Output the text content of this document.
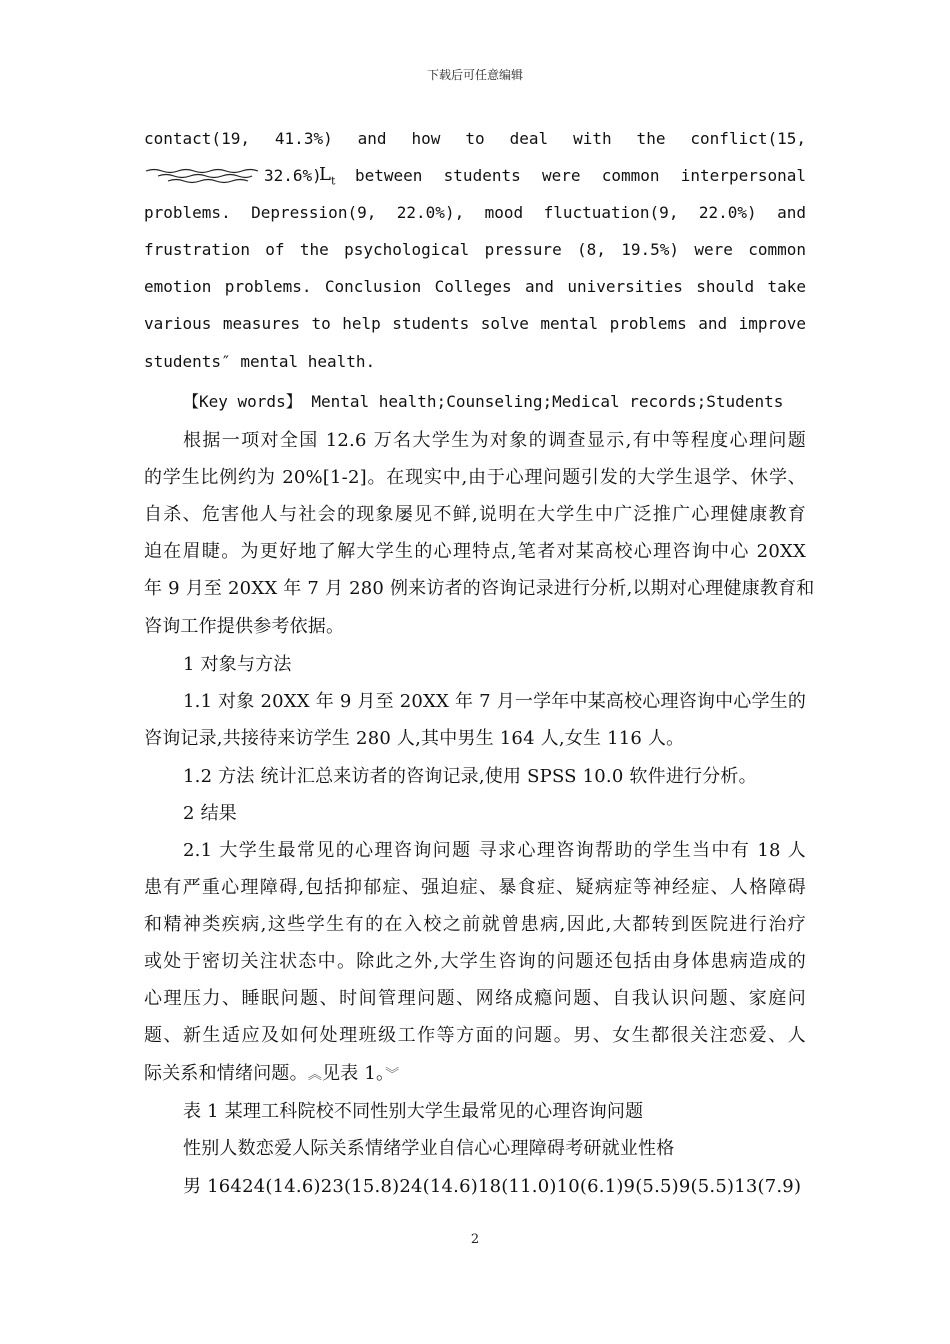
下载后可任意编辑
contact(19, 41.3%) and how to deal with the conflict(15,
32.6%)
$L_t$ between students were common interpersonal
problems. Depression(9, 22.0%), mood fluctuation(9, 22.0%) and
frustration of the psychological pressure (8, 19.5%) were common
emotion problems. Conclusion Colleges and universities should take
various measures to help students solve mental problems and improve
students″ mental health.
【Key words】 Mental health;Counseling;Medical records;Students
根据一项对全国 12.6 万名大学生为对象的调查显示,有中等程度心理问题
的学生比例约为 20%[1-2]。在现实中,由于心理问题引发的大学生退学、休学、
自杀、危害他人与社会的现象屡见不鲜,说明在大学生中广泛推广心理健康教育
迫在眉睫。为更好地了解大学生的心理特点,笔者对某高校心理咨询中心 20XX
年 9 月至 20XX 年 7 月 280 例来访者的咨询记录进行分析,以期对心理健康教育和
咨询工作提供参考依据。
1 对象与方法
1.1 对象 20XX 年 9 月至 20XX 年 7 月一学年中某高校心理咨询中心学生的
咨询记录,共接待来访学生 280 人,其中男生 164 人,女生 116 人。
1.2 方法 统计汇总来访者的咨询记录,使用 SPSS 10.0 软件进行分析。
2 结果
2.1 大学生最常见的心理咨询问题 寻求心理咨询帮助的学生当中有 18 人
患有严重心理障碍,包括抑郁症、强迫症、暴食症、疑病症等神经症、人格障碍
和精神类疾病,这些学生有的在入校之前就曾患病,因此,大都转到医院进行治疗
或处于密切关注状态中。除此之外,大学生咨询的问题还包括由身体患病造成的
心理压力、睡眠问题、时间管理问题、网络成瘾问题、自我认识问题、家庭问
题、新生适应及如何处理班级工作等方面的问题。男、女生都很关注恋爱、人
际关系和情绪问题。︽见表 1。︾
表 1 某理工科院校不同性别大学生最常见的心理咨询问题
性别人数恋爱人际关系情绪学业自信心心理障碍考研就业性格
男 16424(14.6)23(15.8)24(14.6)18(11.0)10(6.1)9(5.5)9(5.5)13(7.9)
2
